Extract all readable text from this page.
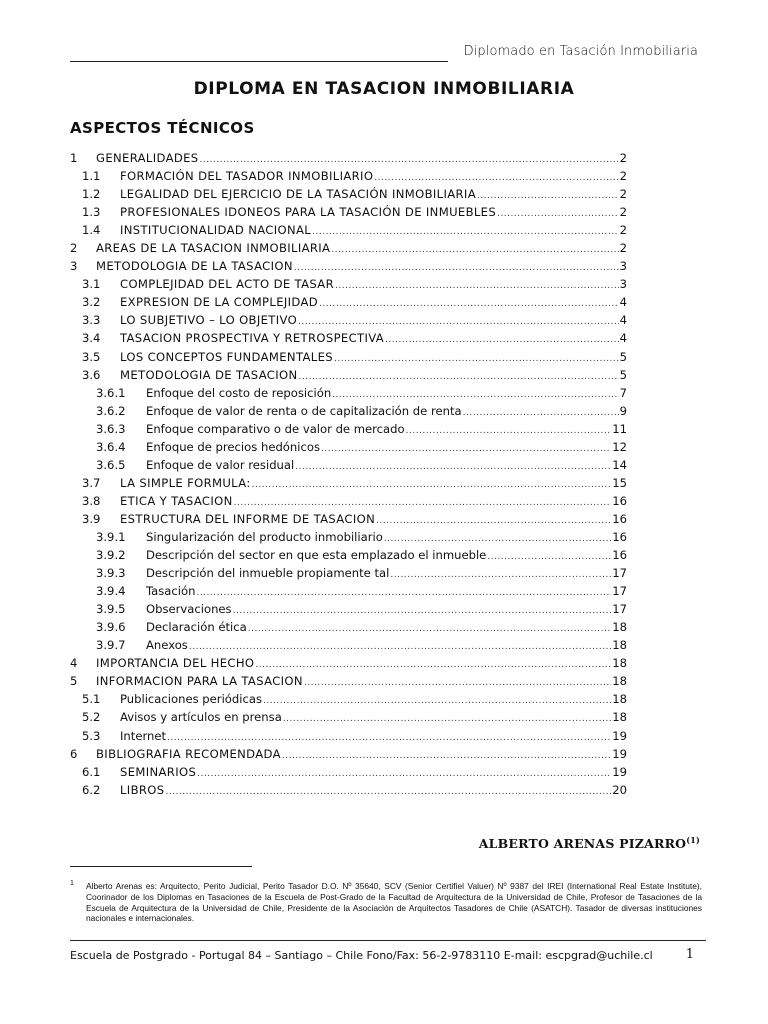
Diplomado en Tasación Inmobiliaria
DIPLOMA EN TASACION INMOBILIARIA
ASPECTOS TÉCNICOS
1	GENERALIDADES .....	2
1.1	FORMACIÓN DEL TASADOR INMOBILIARIO .....	2
1.2	LEGALIDAD DEL EJERCICIO DE LA TASACIÓN INMOBILIARIA .....	2
1.3	PROFESIONALES IDONEOS PARA LA TASACIÓN DE INMUEBLES .....	2
1.4	INSTITUCIONALIDAD NACIONAL .....	2
2	AREAS DE LA TASACION INMOBILIARIA .....	2
3	METODOLOGIA DE LA TASACION .....	3
3.1	COMPLEJIDAD DEL ACTO DE TASAR .....	3
3.2	EXPRESION DE LA COMPLEJIDAD .....	4
3.3	LO SUBJETIVO – LO OBJETIVO .....	4
3.4	TASACION PROSPECTIVA Y RETROSPECTIVA .....	4
3.5	LOS CONCEPTOS FUNDAMENTALES .....	5
3.6	METODOLOGIA DE TASACION .....	5
3.6.1	Enfoque del costo de reposición .....	7
3.6.2	Enfoque de valor de renta o de capitalización de renta .....	9
3.6.3	Enfoque comparativo o de valor de mercado .....	11
3.6.4	Enfoque de precios hedónicos .....	12
3.6.5	Enfoque de valor residual .....	14
3.7	LA SIMPLE FORMULA: .....	15
3.8	ETICA Y TASACION .....	16
3.9	ESTRUCTURA DEL INFORME DE TASACION .....	16
3.9.1	Singularización del producto inmobiliario .....	16
3.9.2	Descripción del sector en que esta emplazado el inmueble .....	16
3.9.3	Descripción del inmueble propiamente tal .....	17
3.9.4	Tasación .....	17
3.9.5	Observaciones .....	17
3.9.6	Declaración ética .....	18
3.9.7	Anexos .....	18
4	IMPORTANCIA DEL HECHO .....	18
5	INFORMACION PARA LA TASACION .....	18
5.1	Publicaciones periódicas .....	18
5.2	Avisos y artículos en prensa .....	18
5.3	Internet .....	19
6	BIBLIOGRAFIA RECOMENDADA .....	19
6.1	SEMINARIOS .....	19
6.2	LIBROS .....	20
ALBERTO ARENAS PIZARRO$^{(1)}$
1 Alberto Arenas es: Arquitecto, Perito Judicial, Perito Tasador D.O. Nº 35640, SCV (Senior Certifiel Valuer) Nº 9387 del IREI (International Real Estate Institute), Coorinador de los Diplomas en Tasaciones de la Escuela de Post-Grado de la Facultad de Arquitectura de la Universidad de Chile, Profesor de Tasaciones de la Escuela de Arquitectura de la Universidad de Chile, Presidente de la Asociación de Arquitectos Tasadores de Chile (ASATCH). Tasador de diversas instituciones nacionales e internacionales.
Escuela de Postgrado - Portugal 84 – Santiago – Chile Fono/Fax: 56-2-9783110 E-mail: escpgrad@uchile.cl	1
